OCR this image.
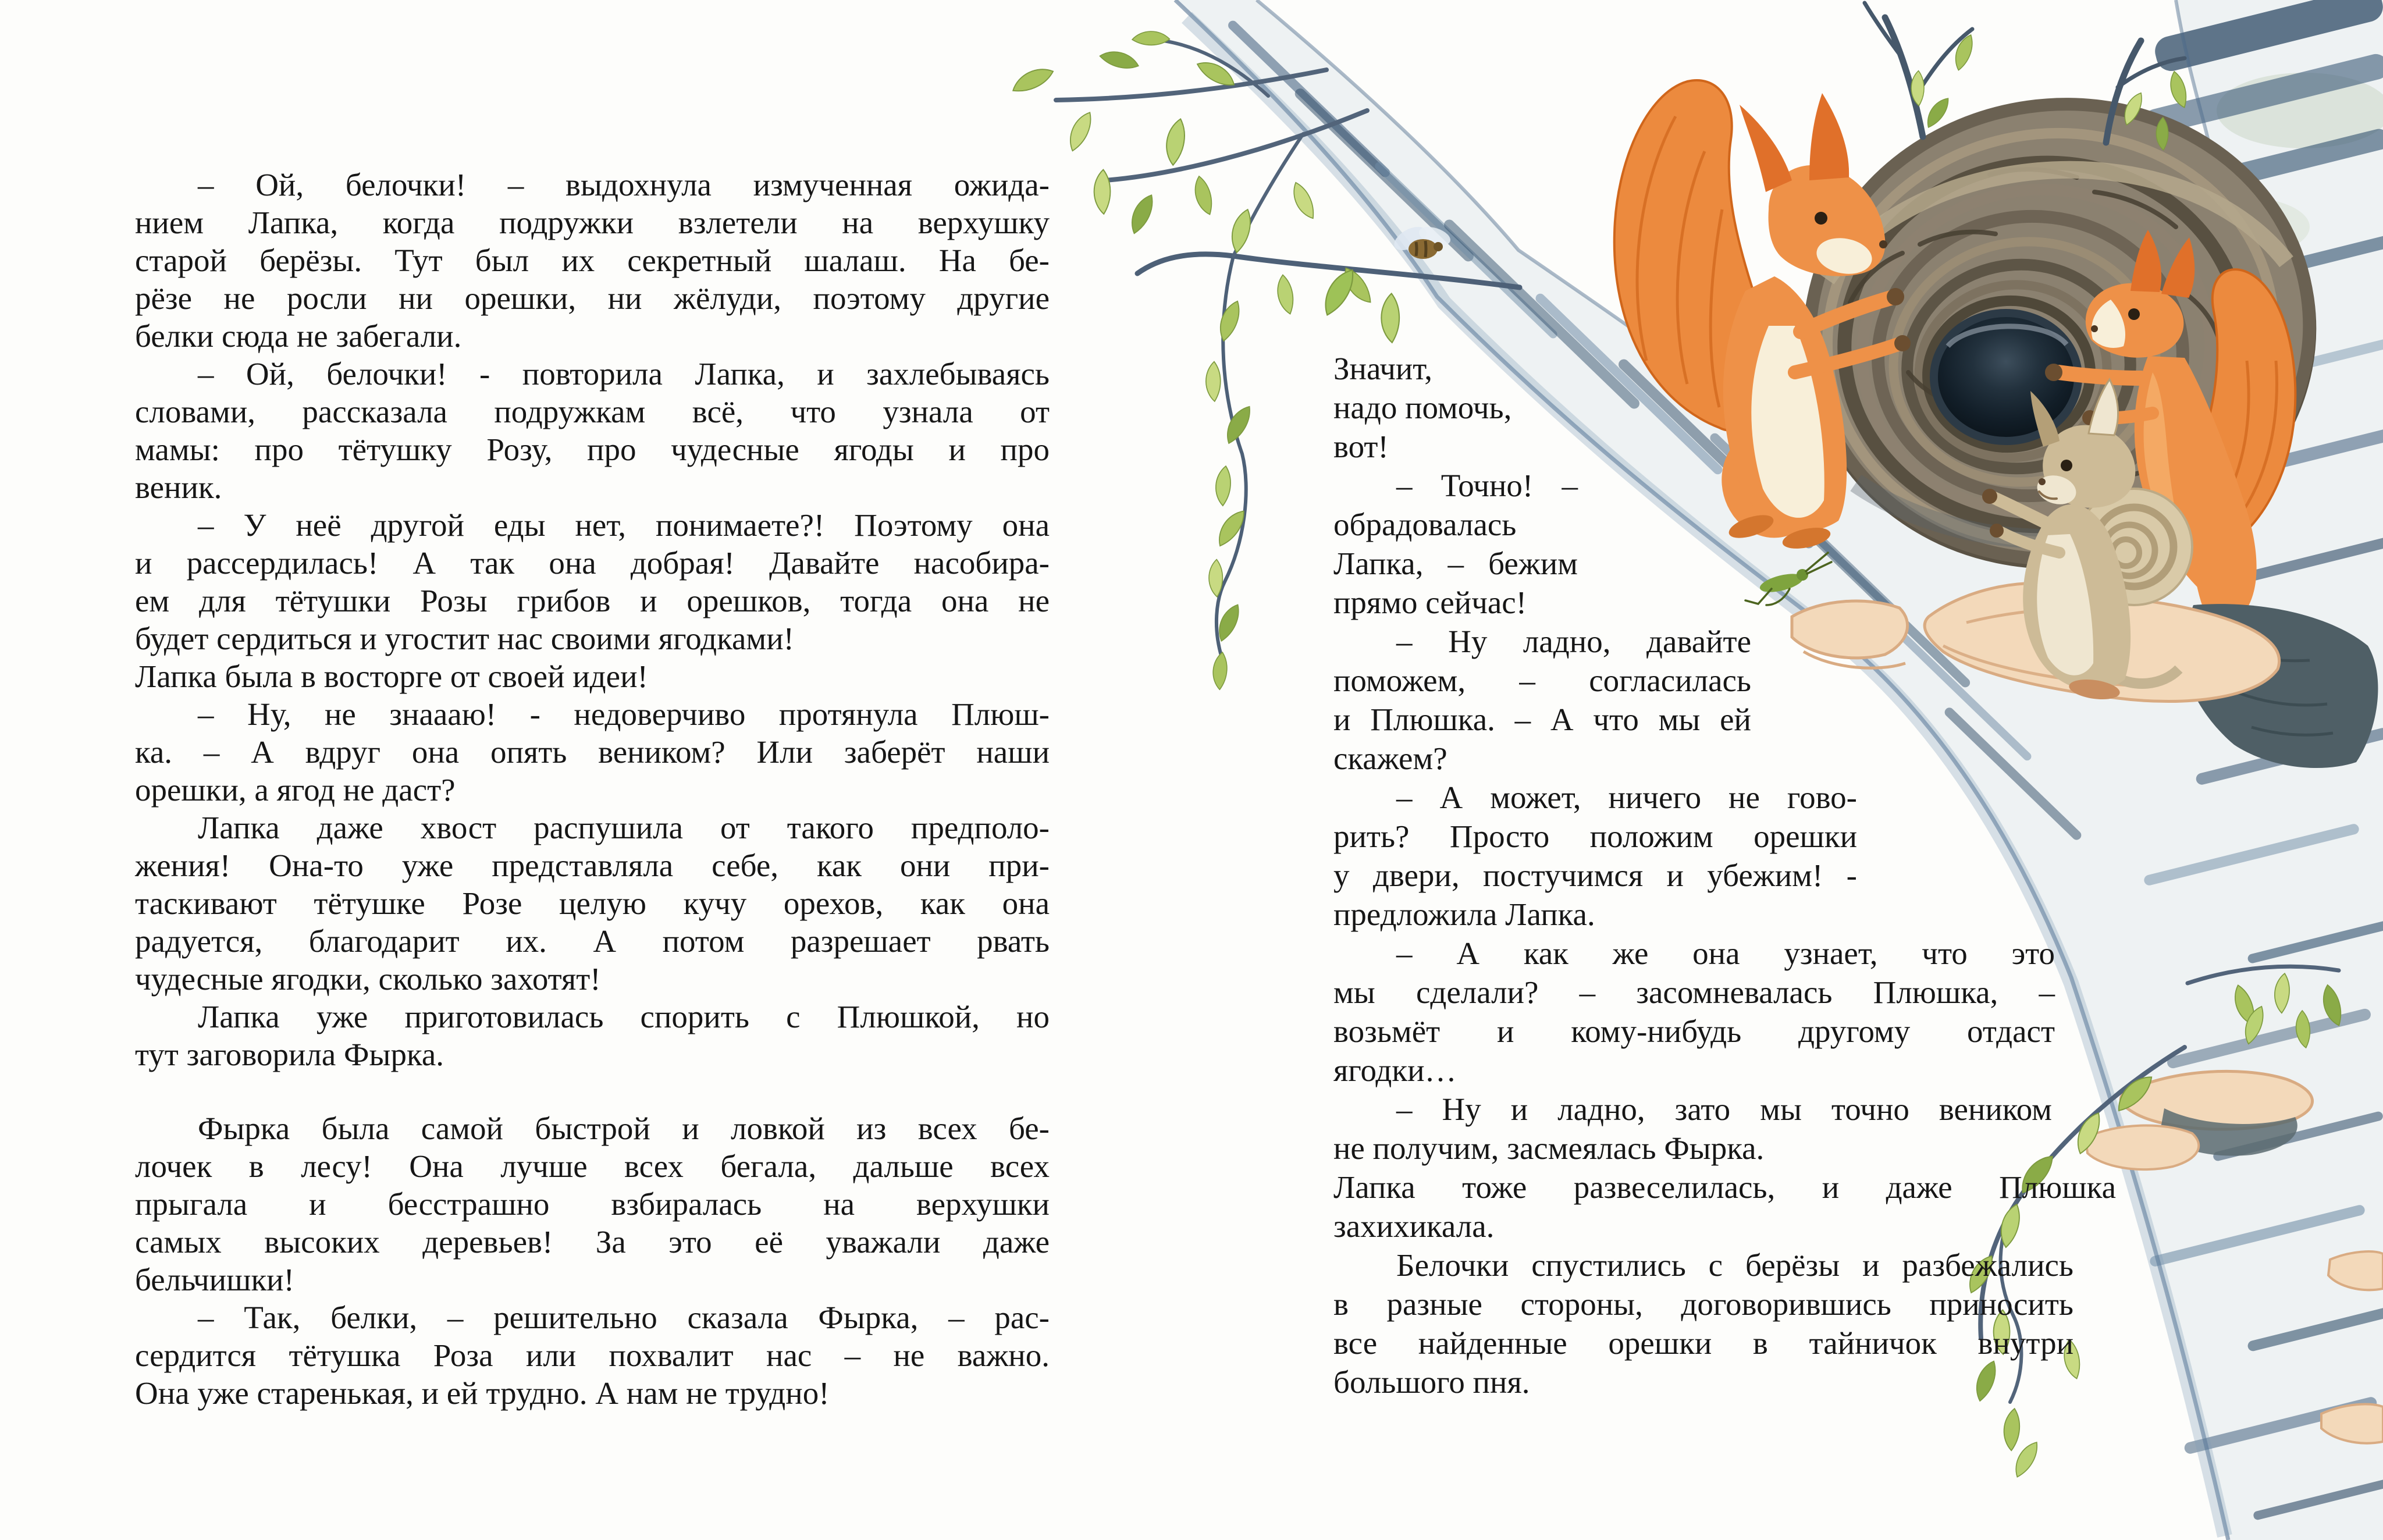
– Ой, белочки! – выдохнула измученная ожида-
нием Лапка, когда подружки взлетели на верхушку
старой берёзы. Тут был их секретный шалаш. На бе-
рёзе не росли ни орешки, ни жёлуди, поэтому другие
белки сюда не забегали.

– Ой, белочки! - повторила Лапка, и захлебываясь
словами, рассказала подружкам всё, что узнала от
мамы: про тётушку Розу, про чудесные ягоды и про
веник.

– У неё другой еды нет, понимаете?! Поэтому она
и рассердилась! А так она добрая! Давайте насобира-
ем для тётушки Розы грибов и орешков, тогда она не
будет сердиться и угостит нас своими ягодками!

Лапка была в восторге от своей идеи!

– Ну, не знаааю! - недоверчиво протянула Плюш-
ка. – А вдруг она опять веником? Или заберёт наши
орешки, а ягод не даст?

Лапка даже хвост распушила от такого предполо-
жения! Она-то уже представляла себе, как они при-
таскивают тётушке Розе целую кучу орехов, как она
радуется, благодарит их. А потом разрешает рвать
чудесные ягодки, сколько захотят!

Лапка уже приготовилась спорить с Плюшкой, но
тут заговорила Фырка.

Фырка была самой быстрой и ловкой из всех бе-
лочек в лесу! Она лучше всех бегала, дальше всех
прыгала и бесстрашно взбиралась на верхушки
самых высоких деревьев! За это её уважали даже
бельчишки!

– Так, белки, – решительно сказала Фырка, – рас-
сердится тётушка Роза или похвалит нас – не важно.
Она уже старенькая, и ей трудно. А нам не трудно!

Значит,
надо помочь,
вот!

– Точно! –
обрадовалась
Лапка, – бежим
прямо сейчас!

– Ну ладно, давайте
поможем, – согласилась
и Плюшка. – А что мы ей
скажем?

– А может, ничего не гово-
рить? Просто положим орешки
у двери, постучимся и убежим! -
предложила Лапка.

– А как же она узнает, что это
мы сделали? – засомневалась Плюшка, –
возьмёт и кому-нибудь другому отдаст
ягодки…

– Ну и ладно, зато мы точно веником
не получим, засмеялась Фырка.

Лапка тоже развеселилась, и даже Плюшка
захихикала.

Белочки спустились с берёзы и разбежались
в разные стороны, договорившись приносить
все найденные орешки в тайничок внутри
большого пня.
